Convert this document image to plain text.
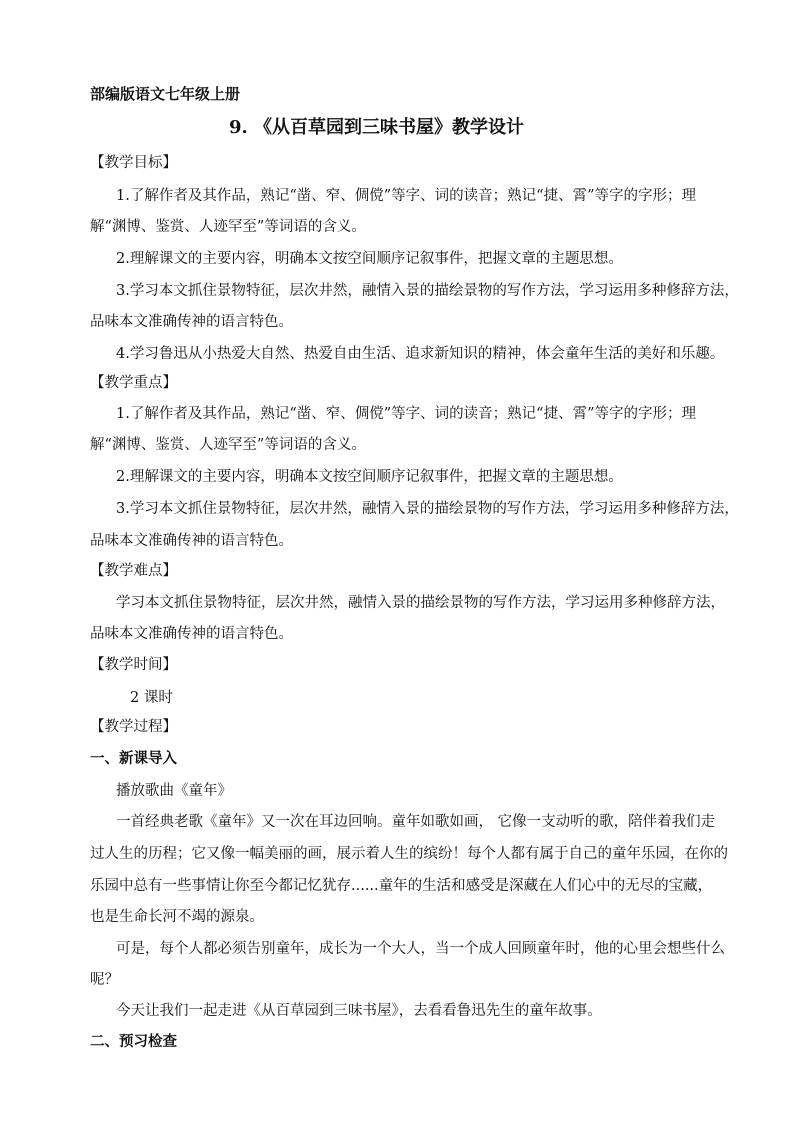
部编版语文七年级上册
9. 《从百草园到三味书屋》教学设计
【教学目标】
1.了解作者及其作品，熟记“凿、窄、倜傥”等字、词的读音；熟记“捷、霄”等字的字形；理
解“渊博、鉴赏、人迹罕至”等词语的含义。
2.理解课文的主要内容，明确本文按空间顺序记叙事件，把握文章的主题思想。
3.学习本文抓住景物特征，层次井然，融情入景的描绘景物的写作方法，学习运用多种修辞方法，
品味本文准确传神的语言特色。
4.学习鲁迅从小热爱大自然、热爱自由生活、追求新知识的精神，体会童年生活的美好和乐趣。
【教学重点】
1.了解作者及其作品，熟记“凿、窄、倜傥”等字、词的读音；熟记“捷、霄”等字的字形；理
解“渊博、鉴赏、人迹罕至”等词语的含义。
2.理解课文的主要内容，明确本文按空间顺序记叙事件，把握文章的主题思想。
3.学习本文抓住景物特征，层次井然，融情入景的描绘景物的写作方法，学习运用多种修辞方法，
品味本文准确传神的语言特色。
【教学难点】
学习本文抓住景物特征，层次井然，融情入景的描绘景物的写作方法，学习运用多种修辞方法，
品味本文准确传神的语言特色。
【教学时间】
2 课时
【教学过程】
一、新课导入
播放歌曲《童年》
一首经典老歌《童年》又一次在耳边回响。童年如歌如画， 它像一支动听的歌，陪伴着我们走
过人生的历程；它又像一幅美丽的画，展示着人生的缤纷！每个人都有属于自己的童年乐园，在你的
乐园中总有一些事情让你至今都记忆犹存......童年的生活和感受是深藏在人们心中的无尽的宝藏，
也是生命长河不竭的源泉。
可是，每个人都必须告别童年，成长为一个大人，当一个成人回顾童年时，他的心里会想些什么
呢？
今天让我们一起走进《从百草园到三味书屋》，去看看鲁迅先生的童年故事。
二、预习检查
